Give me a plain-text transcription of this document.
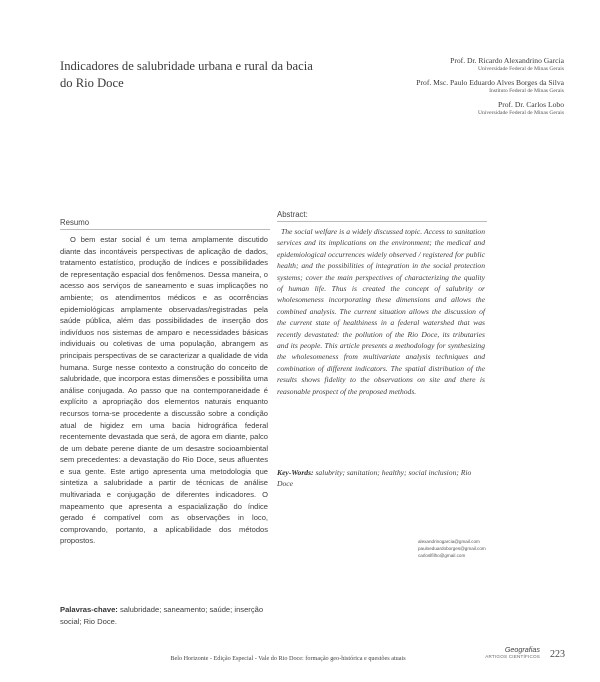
Indicadores de salubridade urbana e rural da bacia do Rio Doce
Prof. Dr. Ricardo Alexandrino Garcia
Universidade Federal de Minas Gerais
Prof. Msc. Paulo Eduardo Alves Borges da Silva
Instituto Federal de Minas Gerais
Prof. Dr. Carlos Lobo
Universidade Federal de Minas Gerais
Resumo

O bem estar social é um tema amplamente discutido diante das incontáveis perspectivas de aplicação de dados, tratamento estatístico, produção de índices e possibilidades de representação espacial dos fenômenos. Dessa maneira, o acesso aos serviços de saneamento e suas implicações no ambiente; os atendimentos médicos e as ocorrências epidemiológicas amplamente observadas/registradas pela saúde pública, além das possibilidades de inserção dos indivíduos nos sistemas de amparo e necessidades básicas individuais ou coletivas de uma população, abrangem as principais perspectivas de se caracterizar a qualidade de vida humana. Surge nesse contexto a construção do conceito de salubridade, que incorpora estas dimensões e possibilita uma análise conjugada. Ao passo que na contemporaneidade é explícito a apropriação dos elementos naturais enquanto recursos torna-se procedente a discussão sobre a condição atual de higidez em uma bacia hidrográfica federal recentemente devastada que será, de agora em diante, palco de um debate perene diante de um desastre socioambiental sem precedentes: a devastação do Rio Doce, seus afluentes e sua gente. Este artigo apresenta uma metodologia que sintetiza a salubridade a partir de técnicas de análise multivariada e conjugação de diferentes indicadores. O mapeamento que apresenta a espacialização do índice gerado é compatível com as observações in loco, comprovando, portanto, a aplicabilidade dos métodos propostos.

Palavras-chave: salubridade; saneamento; saúde; inserção social; Rio Doce.

Abstract:

The social welfare is a widely discussed topic. Access to sanitation services and its implications on the environment; the medical and epidemiological occurrences widely observed / registered for public health; and the possibilities of integration in the social protection systems; cover the main perspectives of characterizing the quality of human life. Thus is created the concept of salubrity or wholesomeness incorporating these dimensions and allows the combined analysis. The current situation allows the discussion of the current state of healthiness in a federal watershed that was recently devastated: the pollution of the Rio Doce, its tributaries and its people. This article presents a methodology for synthesizing the wholesomeness from multivariate analysis techniques and combination of different indicators. The spatial distribution of the results shows fidelity to the observations on site and there is reasonable prospect of the proposed methods.

Key-Words: salubrity; sanitation; healthy; social inclusion; Rio Doce

alexandrinogarcia@gmail.com
pauloeduardoborges@gmail.com
carloslfilho@gmail.com
Geografias
ARTIGOS CIENTÍFICOS 223
Belo Horizonte - Edição Especial - Vale do Rio Doce: formação geo-histórica e questões atuais
